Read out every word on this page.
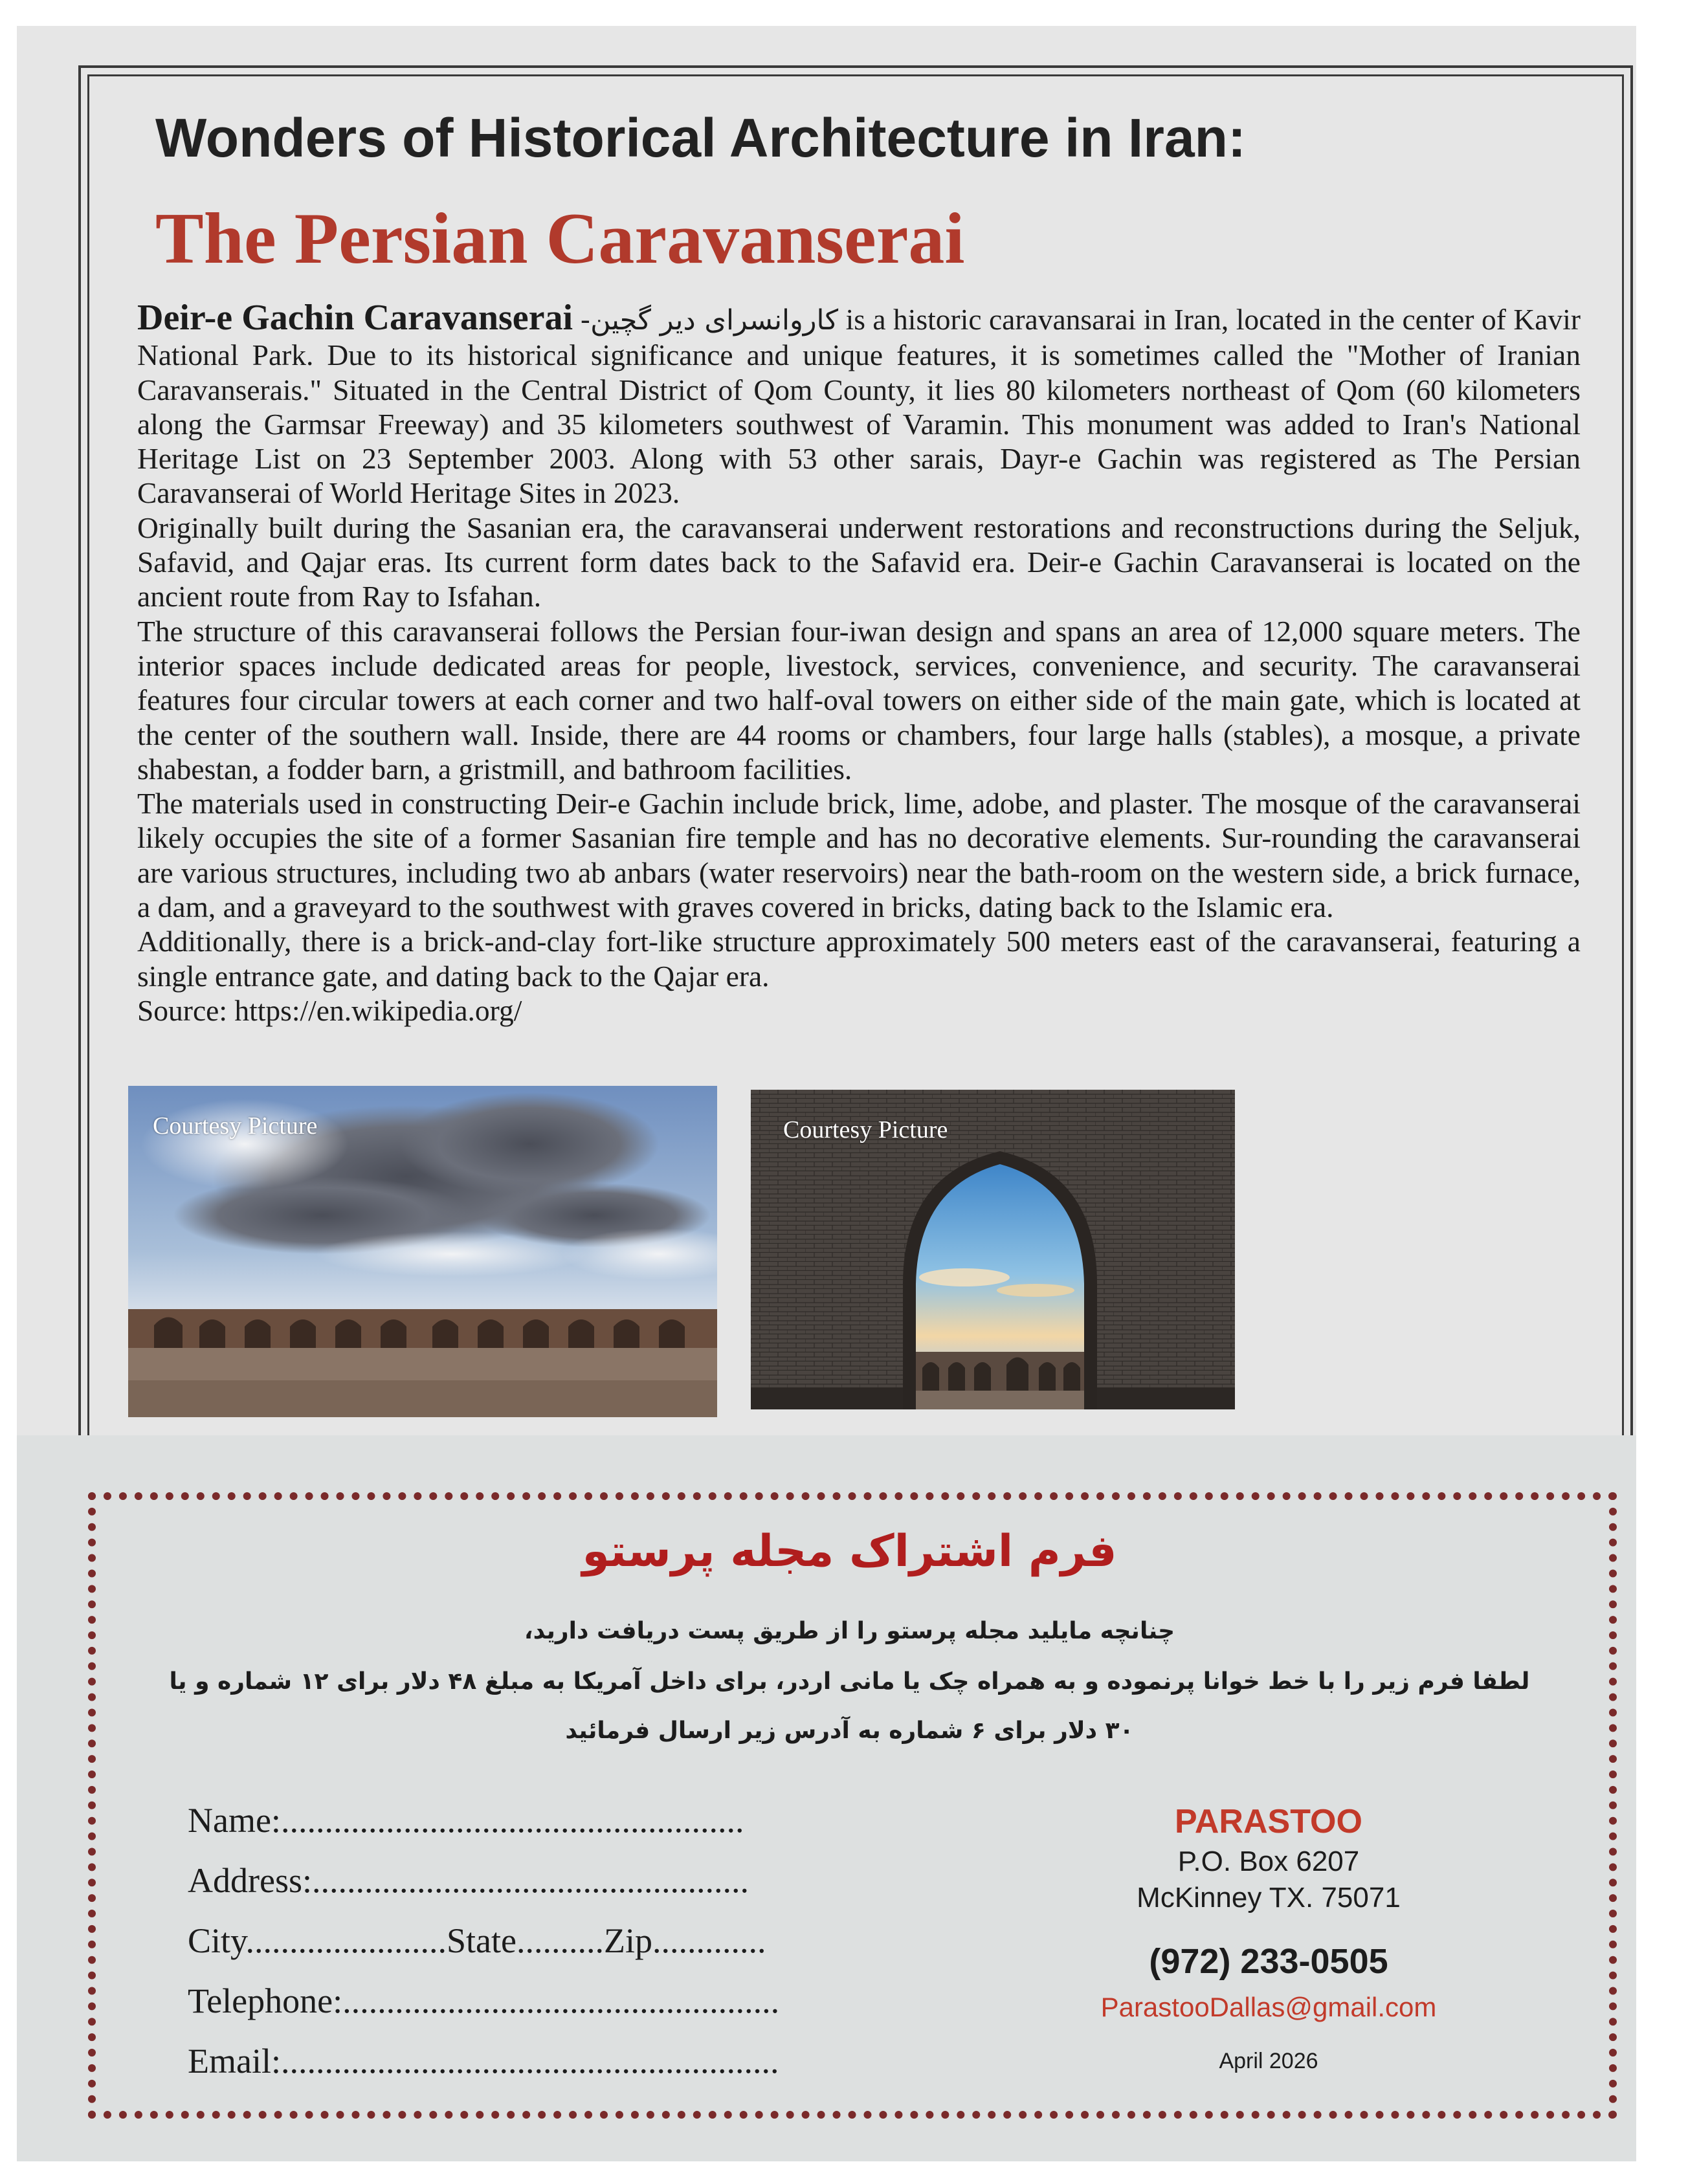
Wonders of Historical Architecture in Iran:
The Persian Caravanserai

Deir-e Gachin Caravanserai -کاروانسرای دیر گچین is a historic caravansarai in Iran, located in the center of Kavir National Park. Due to its historical significance and unique features, it is sometimes called the "Mother of Iranian Caravanserais." Situated in the Central District of Qom County, it lies 80 kilometers northeast of Qom (60 kilometers along the Garmsar Freeway) and 35 kilometers southwest of Varamin. This monument was added to Iran's National Heritage List on 23 September 2003. Along with 53 other sarais, Dayr-e Gachin was registered as The Persian Caravanserai of World Heritage Sites in 2023.

Originally built during the Sasanian era, the caravanserai underwent restorations and reconstructions during the Seljuk, Safavid, and Qajar eras. Its current form dates back to the Safavid era. Deir-e Gachin Caravanserai is located on the ancient route from Ray to Isfahan.

The structure of this caravanserai follows the Persian four-iwan design and spans an area of 12,000 square meters. The interior spaces include dedicated areas for people, livestock, services, convenience, and security. The caravanserai features four circular towers at each corner and two half-oval towers on either side of the main gate, which is located at the center of the southern wall. Inside, there are 44 rooms or chambers, four large halls (stables), a mosque, a private shabestan, a fodder barn, a gristmill, and bathroom facilities.

The materials used in constructing Deir-e Gachin include brick, lime, adobe, and plaster. The mosque of the caravanserai likely occupies the site of a former Sasanian fire temple and has no decorative elements. Sur-rounding the caravanserai are various structures, including two ab anbars (water reservoirs) near the bath-room on the western side, a brick furnace, a dam, and a graveyard to the southwest with graves covered in bricks, dating back to the Islamic era.

Additionally, there is a brick-and-clay fort-like structure approximately 500 meters east of the caravanserai, featuring a single entrance gate, and dating back to the Qajar era.

Source: https://en.wikipedia.org/

Courtesy Picture	Courtesy Picture
فرم اشتراک مجله پرستو

چنانچه مایلید مجله پرستو را از طریق پست دریافت دارید،

لطفا فرم زیر را با خط خوانا پرنموده و به همراه چک یا مانی اردر، برای داخل آمریکا به مبلغ ۴۸ دلار برای ۱۲ شماره و یا

۳۰ دلار برای ۶ شماره به آدرس زیر ارسال فرمائید

Name:.....................................................
Address:..................................................
City.......................State..........Zip.............
Telephone:..................................................
Email:.........................................................
PARASTOO
P.O. Box 6207
McKinney TX. 75071
(972) 233-0505
ParastooDallas@gmail.com
April 2026
